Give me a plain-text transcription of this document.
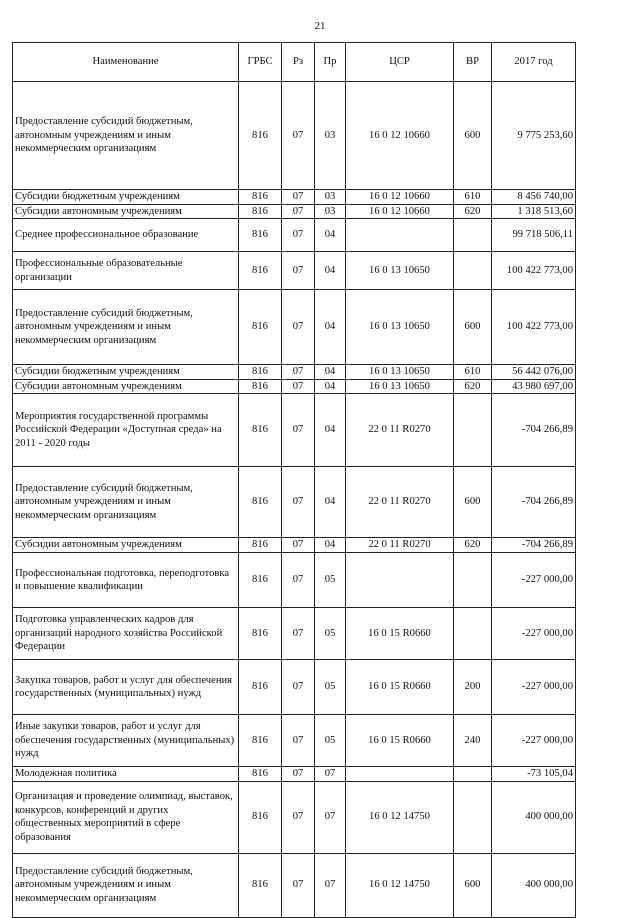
21
Наименование	ГРБС	Рз	Пр	ЦСР	ВР	2017 год
Предоставление субсидий бюджетным, автономным учреждениям и иным некоммерческим организациям	816	07	03	16 0 12 10660	600	9 775 253,60
Субсидии бюджетным учреждениям	816	07	03	16 0 12 10660	610	8 456 740,00
Субсидии автономным учреждениям	816	07	03	16 0 12 10660	620	1 318 513,60
Среднее профессиональное образование	816	07	04			99 718 506,11
Профессиональные образовательные организации	816	07	04	16 0 13 10650		100 422 773,00
Предоставление субсидий бюджетным, автономным учреждениям и иным некоммерческим организациям	816	07	04	16 0 13 10650	600	100 422 773,00
Субсидии бюджетным учреждениям	816	07	04	16 0 13 10650	610	56 442 076,00
Субсидии автономным учреждениям	816	07	04	16 0 13 10650	620	43 980 697,00
Мероприятия государственной программы Российской Федерации «Доступная среда» на 2011 - 2020 годы	816	07	04	22 0 11 R0270		-704 266,89
Предоставление субсидий бюджетным, автономным учреждениям и иным некоммерческим организациям	816	07	04	22 0 11 R0270	600	-704 266,89
Субсидии автономным учреждениям	816	07	04	22 0 11 R0270	620	-704 266,89
Профессиональная подготовка, переподготовка и повышение квалификации	816	07	05			-227 000,00
Подготовка управленческих кадров для организаций народного хозяйства Российской Федерации	816	07	05	16 0 15 R0660		-227 000,00
Закупка товаров, работ и услуг для обеспечения государственных (муниципальных) нужд	816	07	05	16 0 15 R0660	200	-227 000,00
Иные закупки товаров, работ и услуг для обеспечения государственных (муниципальных) нужд	816	07	05	16 0 15 R0660	240	-227 000,00
Молодежная политика	816	07	07			-73 105,04
Организация и проведение олимпиад, выставок, конкурсов, конференций и других общественных мероприятий в сфере образования	816	07	07	16 0 12 14750		400 000,00
Предоставление субсидий бюджетным, автономным учреждениям и иным некоммерческим организациям	816	07	07	16 0 12 14750	600	400 000,00
